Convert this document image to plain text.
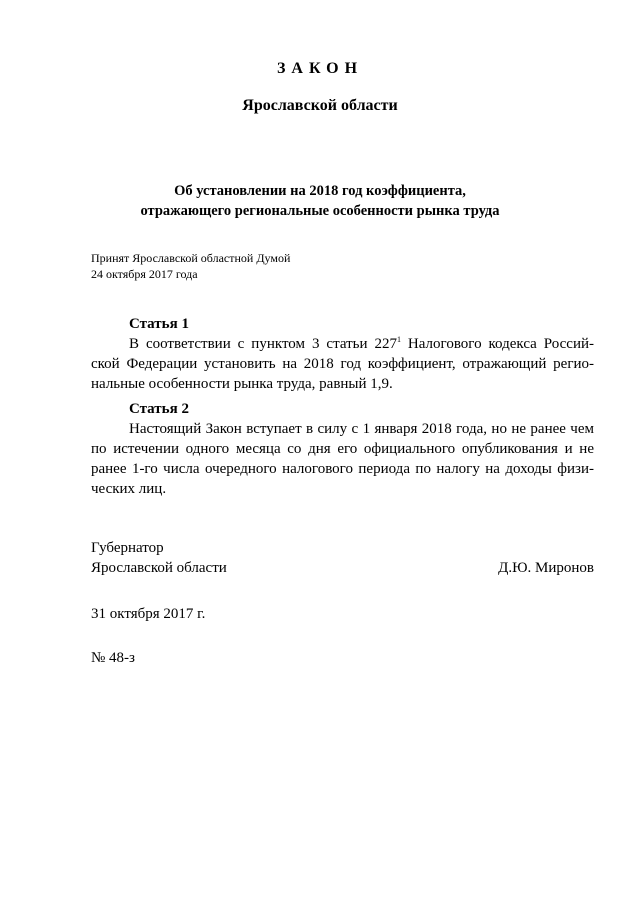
ЗАКОН
Ярославской области
Об установлении на 2018 год коэффициента,
отражающего региональные особенности рынка труда
Принят Ярославской областной Думой
24 октября 2017 года
Статья 1
В соответствии с пунктом 3 статьи $227^1$ Налогового кодекса Россий-
ской Федерации установить на 2018 год коэффициент, отражающий регио-
нальные особенности рынка труда, равный 1,9.
Статья 2
Настоящий Закон вступает в силу с 1 января 2018 года, но не ранее чем
по истечении одного месяца со дня его официального опубликования и не
ранее 1-го числа очередного налогового периода по налогу на доходы физи-
ческих лиц.
Губернатор
Ярославской области	Д.Ю. Миронов
31 октября 2017 г.
№ 48-з
